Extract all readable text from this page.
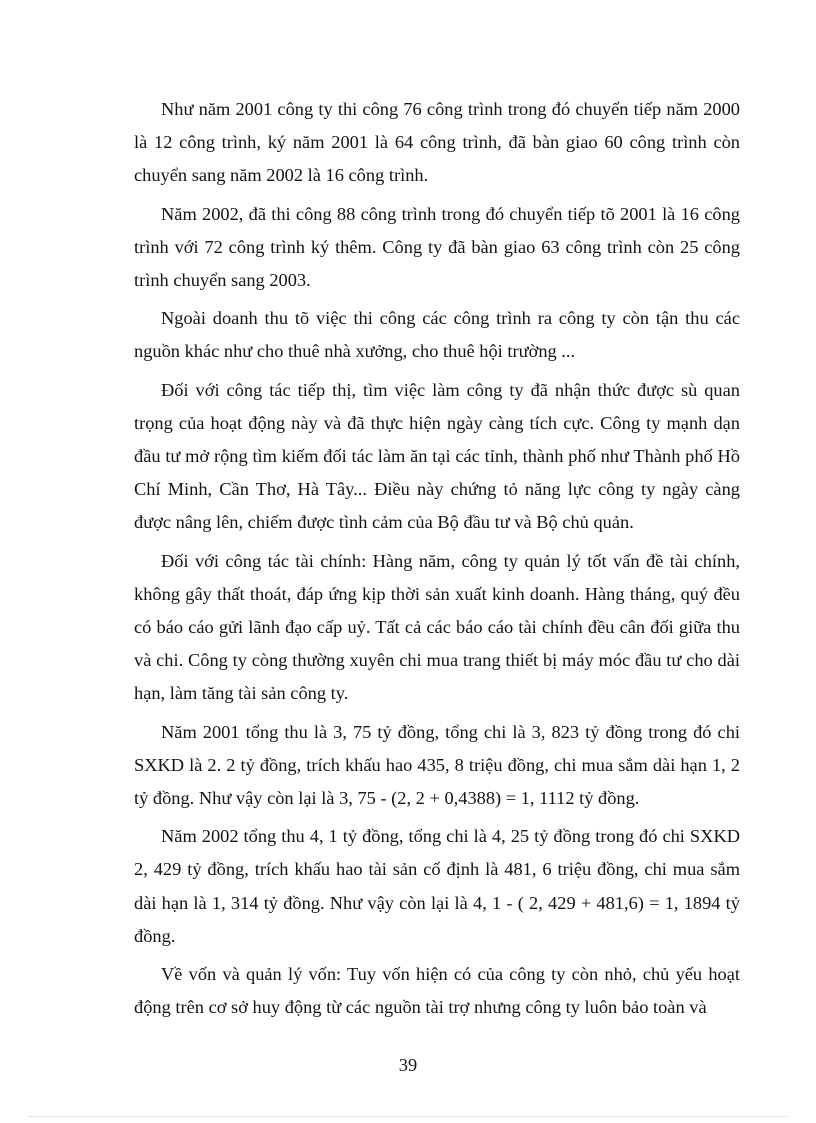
Như năm 2001 công ty thi công 76 công trình trong đó chuyển tiếp năm 2000 là 12 công trình, ký năm 2001 là 64 công trình, đã bàn giao 60 công trình còn chuyển sang năm 2002 là 16 công trình.

Năm 2002, đã thi công 88 công trình trong đó chuyển tiếp tõ 2001 là 16 công trình với 72 công trình ký thêm. Công ty đã bàn giao 63 công trình còn 25 công trình chuyển sang 2003.

Ngoài doanh thu tõ việc thi công các công trình ra công ty còn tận thu các nguồn khác như cho thuê nhà xưởng, cho thuê hội trường ...

Đối với công tác tiếp thị, tìm việc làm công ty đã nhận thức được sù quan trọng của hoạt động này và đã thực hiện ngày càng tích cực. Công ty mạnh dạn đầu tư mở rộng tìm kiếm đối tác làm ăn tại các tỉnh, thành phố như Thành phố Hồ Chí Minh, Cần Thơ, Hà Tây... Điều này chứng tỏ năng lực công ty ngày càng được nâng lên, chiếm được tình cảm của Bộ đầu tư và Bộ chủ quản.

Đối với công tác tài chính: Hàng năm, công ty quản lý tốt vấn đề tài chính, không gây thất thoát, đáp ứng kịp thời sản xuất kinh doanh. Hàng tháng, quý đều có báo cáo gửi lãnh đạo cấp uỷ. Tất cả các báo cáo tài chính đều cân đối giữa thu và chi. Công ty còng thường xuyên chi mua trang thiết bị máy móc đầu tư cho dài hạn, làm tăng tài sản công ty.

Năm 2001 tổng thu là 3, 75 tỷ đồng, tổng chi là 3, 823 tỷ đồng trong đó chi SXKD là 2. 2 tỷ đồng, trích khấu hao 435, 8 triệu đồng, chi mua sắm dài hạn 1, 2 tỷ đồng. Như vậy còn lại là 3, 75 - (2, 2 + 0,4388) = 1, 1112 tỷ đồng.

Năm 2002 tổng thu 4, 1 tỷ đồng, tổng chi là 4, 25 tỷ đồng trong đó chi SXKD 2, 429 tỷ đồng, trích khấu hao tài sản cố định là 481, 6 triệu đồng, chi mua sắm dài hạn là 1, 314 tỷ đồng. Như vậy còn lại là 4, 1 - ( 2, 429 + 481,6) = 1, 1894 tỷ đồng.

Về vốn và quản lý vốn: Tuy vốn hiện có của công ty còn nhỏ, chủ yếu hoạt động trên cơ sở huy động từ các nguồn tài trợ nhưng công ty luôn bảo toàn và

39
